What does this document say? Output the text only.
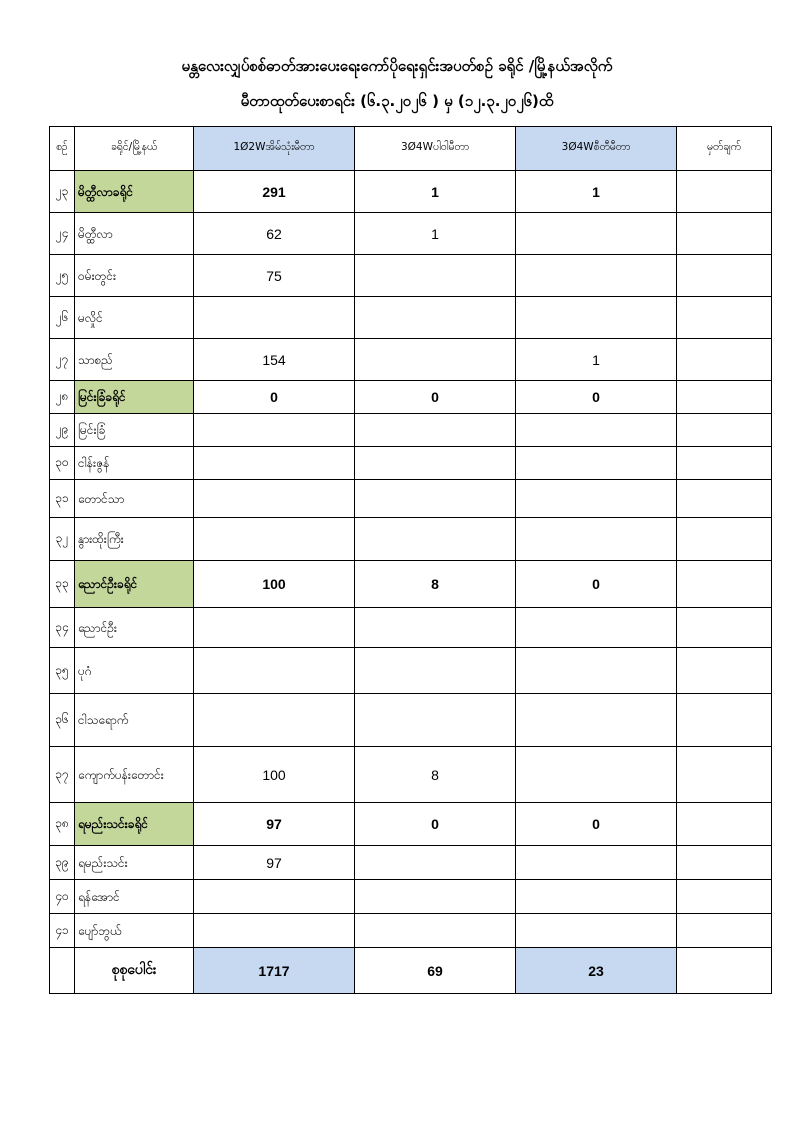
မန္တလေးလျှပ်စစ်ဓာတ်အားပေးရေးကော်ပိုရေးရှင်းအပတ်စဉ် ခရိုင် /မြို့နယ်အလိုက်
မီတာထုတ်ပေးစာရင်း (၆.၃.၂၀၂၆ ) မှ (၁၂.၃.၂၀၂၆)ထိ
စဉ်	ခရိုင်/မြို့နယ်	1Ø2Wအိမ်သုံးမီတာ	3Ø4Wပါဝါမီတာ	3Ø4Wစီတီမီတာ	မှတ်ချက်
၂၃	မိတ္ထီလာခရိုင်	291	1	1	
၂၄	မိတ္ထီလာ	62	1		
၂၅	ဝမ်းတွင်း	75			
၂၆	မလှိုင်				
၂၇	သာစည်	154		1	
၂၈	မြင်းခြံခရိုင်	0	0	0	
၂၉	မြင်းခြံ				
၃၀	ငါန်းဇွန်				
၃၁	တောင်သာ				
၃၂	နွားထိုးကြီး				
၃၃	ညောင်ဦးခရိုင်	100	8	0	
၃၄	ညောင်ဦး				
၃၅	ပုဂံ				
၃၆	ငါသရောက်				
၃၇	ကျောက်ပန်းတောင်း	100	8		
၃၈	ရမည်းသင်းခရိုင်	97	0	0	
၃၉	ရမည်းသင်း	97			
၄၀	ရန်အောင်				
၄၁	ပျော်ဘွယ်				
	စုစုပေါင်း	1717	69	23	
